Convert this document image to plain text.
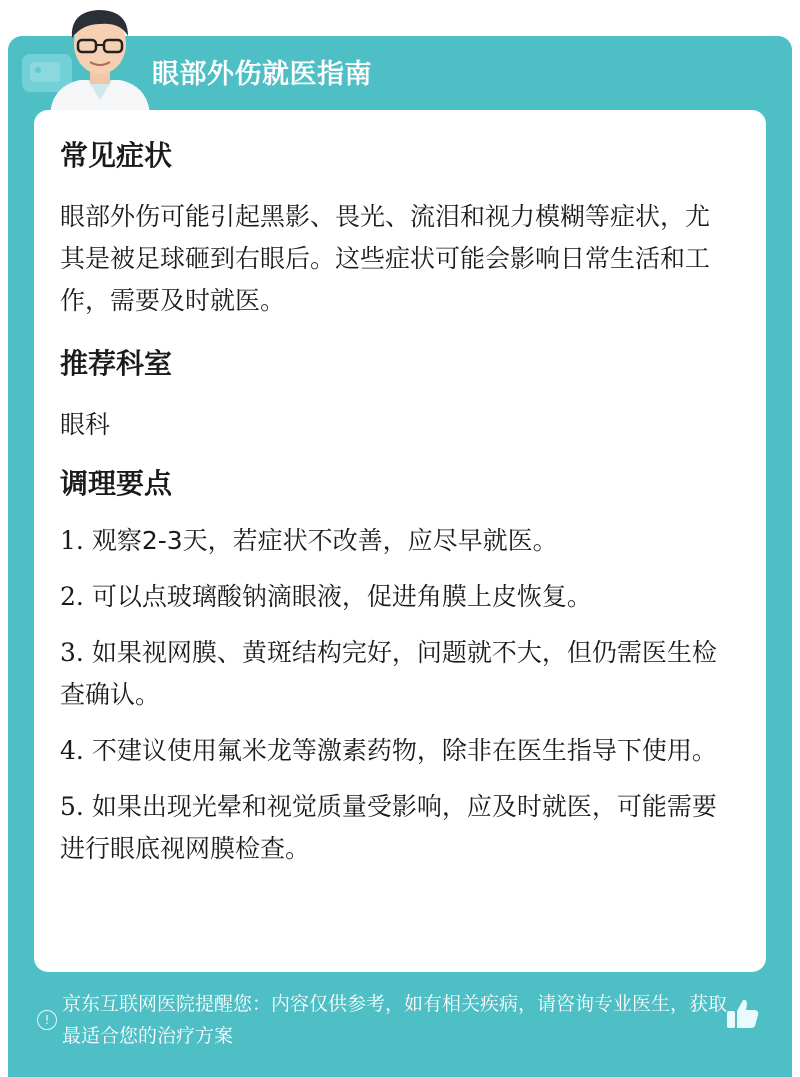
眼部外伤就医指南
常见症状

眼部外伤可能引起黑影、畏光、流泪和视力模糊等症状，尤其是被足球砸到右眼后。这些症状可能会影响日常生活和工作，需要及时就医。

推荐科室

眼科

调理要点

1. 观察2-3天，若症状不改善，应尽早就医。

2. 可以点玻璃酸钠滴眼液，促进角膜上皮恢复。

3. 如果视网膜、黄斑结构完好，问题就不大，但仍需医生检查确认。

4. 不建议使用氟米龙等激素药物，除非在医生指导下使用。

5. 如果出现光晕和视觉质量受影响，应及时就医，可能需要进行眼底视网膜检查。

!
京东互联网医院提醒您：内容仅供参考，如有相关疾病，请咨询专业医生，获取最适合您的治疗方案
